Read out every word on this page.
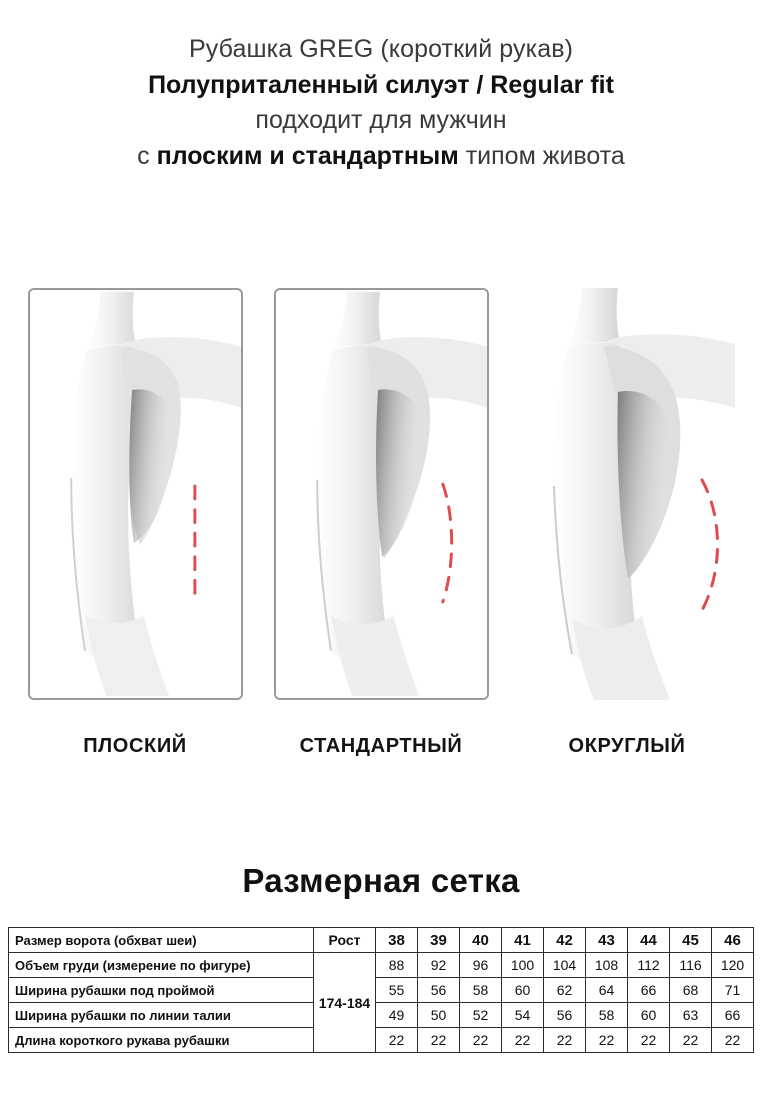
Рубашка GREG (короткий рукав)
Полуприталенный силуэт / Regular fit
подходит для мужчин
с плоским и стандартным типом живота
ПЛОСКИЙ	СТАНДАРТНЫЙ	ОКРУГЛЫЙ
Размерная сетка
Размер ворота (обхват шеи)	Рост	38	39	40	41	42	43	44	45	46
Объем груди (измерение по фигуре)	174-184	88	92	96	100	104	108	112	116	120
Ширина рубашки под проймой		55	56	58	60	62	64	66	68	71
Ширина рубашки по линии талии		49	50	52	54	56	58	60	63	66
Длина короткого рукава рубашки		22	22	22	22	22	22	22	22	22
